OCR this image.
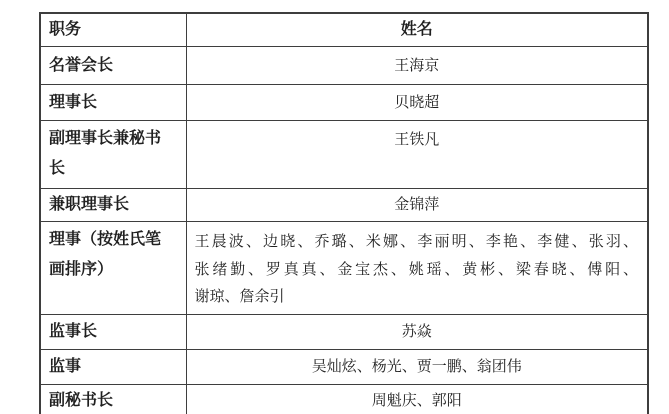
职务	姓名
名誉会长	王海京
理事长	贝晓超
副理事长兼秘书长	王铁凡
兼职理事长	金锦萍
理事（按姓氏笔画排序）	王晨波、边晓、乔璐、米娜、李丽明、李艳、李健、张羽、
张绪勤、罗真真、金宝杰、姚瑶、黄彬、梁春晓、傅阳、
谢琼、詹余引

监事长	苏焱
监事	吴灿炫、杨光、贾一鹏、翁团伟
副秘书长	周魁庆、郭阳
